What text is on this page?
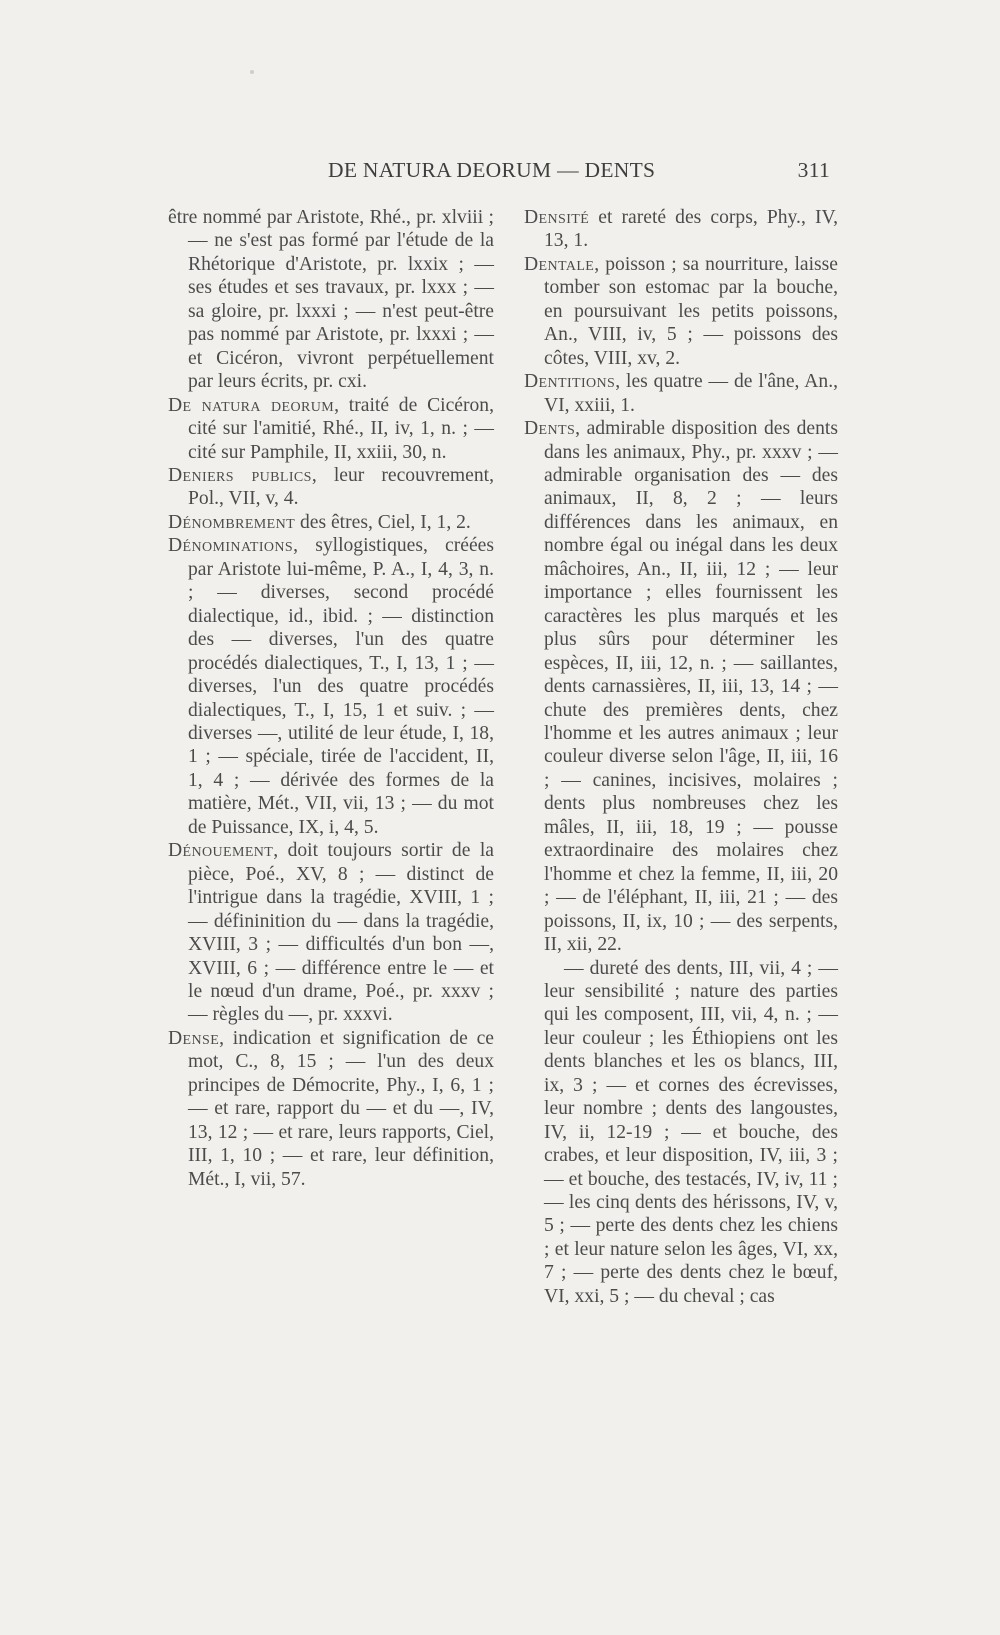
DE NATURA DEORUM — DENTS	311

être nommé par Aristote, Rhé., pr. xlviii ; — ne s'est pas formé par l'étude de la Rhétorique d'Aristote, pr. lxxix ; — ses études et ses travaux, pr. lxxx ; — sa gloire, pr. lxxxi ; — n'est peut-être pas nommé par Aristote, pr. lxxxi ; — et Cicéron, vivront perpétuellement par leurs écrits, pr. cxi.

De natura deorum, traité de Cicéron, cité sur l'amitié, Rhé., II, iv, 1, n. ; — cité sur Pamphile, II, xxiii, 30, n.

Deniers publics, leur recouvrement, Pol., VII, v, 4.

Dénombrement des êtres, Ciel, I, 1, 2.

Dénominations, syllogistiques, créées par Aristote lui-même, P. A., I, 4, 3, n. ; — diverses, second procédé dialectique, id., ibid. ; — distinction des — diverses, l'un des quatre procédés dialectiques, T., I, 13, 1 ; — diverses, l'un des quatre procédés dialectiques, T., I, 15, 1 et suiv. ; — diverses —, utilité de leur étude, I, 18, 1 ; — spéciale, tirée de l'accident, II, 1, 4 ; — dérivée des formes de la matière, Mét., VII, vii, 13 ; — du mot de Puissance, IX, i, 4, 5.

Dénouement, doit toujours sortir de la pièce, Poé., XV, 8 ; — distinct de l'intrigue dans la tragédie, XVIII, 1 ; — défininition du — dans la tragédie, XVIII, 3 ; — difficultés d'un bon —, XVIII, 6 ; — différence entre le — et le nœud d'un drame, Poé., pr. xxxv ; — règles du —, pr. xxxvi.

Dense, indication et signification de ce mot, C., 8, 15 ; — l'un des deux principes de Démocrite, Phy., I, 6, 1 ; — et rare, rapport du — et du —, IV, 13, 12 ; — et rare, leurs rapports, Ciel, III, 1, 10 ; — et rare, leur définition, Mét., I, vii, 57.

Densité et rareté des corps, Phy., IV, 13, 1.

Dentale, poisson ; sa nourriture, laisse tomber son estomac par la bouche, en poursuivant les petits poissons, An., VIII, iv, 5 ; — poissons des côtes, VIII, xv, 2.

Dentitions, les quatre — de l'âne, An., VI, xxiii, 1.

Dents, admirable disposition des dents dans les animaux, Phy., pr. xxxv ; — admirable organisation des — des animaux, II, 8, 2 ; — leurs différences dans les animaux, en nombre égal ou inégal dans les deux mâchoires, An., II, iii, 12 ; — leur importance ; elles fournissent les caractères les plus marqués et les plus sûrs pour déterminer les espèces, II, iii, 12, n. ; — saillantes, dents carnassières, II, iii, 13, 14 ; — chute des premières dents, chez l'homme et les autres animaux ; leur couleur diverse selon l'âge, II, iii, 16 ; — canines, incisives, molaires ; dents plus nombreuses chez les mâles, II, iii, 18, 19 ; — pousse extraordinaire des molaires chez l'homme et chez la femme, II, iii, 20 ; — de l'éléphant, II, iii, 21 ; — des poissons, II, ix, 10 ; — des serpents, II, xii, 22.

— dureté des dents, III, vii, 4 ; — leur sensibilité ; nature des parties qui les composent, III, vii, 4, n. ; — leur couleur ; les Éthiopiens ont les dents blanches et les os blancs, III, ix, 3 ; — et cornes des écrevisses, leur nombre ; dents des langoustes, IV, ii, 12-19 ; — et bouche, des crabes, et leur disposition, IV, iii, 3 ; — et bouche, des testacés, IV, iv, 11 ; — les cinq dents des hérissons, IV, v, 5 ; — perte des dents chez les chiens ; et leur nature selon les âges, VI, xx, 7 ; — perte des dents chez le bœuf, VI, xxi, 5 ; — du cheval ; cas
